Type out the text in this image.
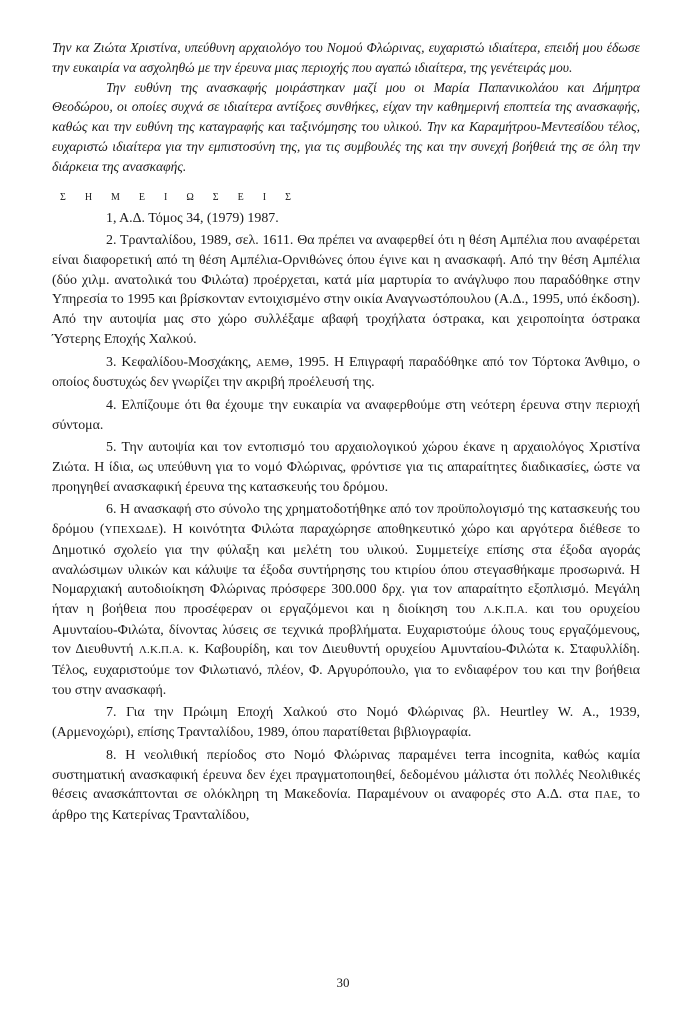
Την κα Ζιώτα Χριστίνα, υπεύθυνη αρχαιολόγο του Νομού Φλώρινας, ευχαριστώ ιδιαίτερα, επειδή μου έδωσε την ευκαιρία να ασχοληθώ με την έρευνα μιας περιοχής που αγαπώ ιδιαίτερα, της γενέτειράς μου.

Την ευθύνη της ανασκαφής μοιράστηκαν μαζί μου οι Μαρία Παπανικολάου και Δήμητρα Θεοδώρου, οι οποίες συχνά σε ιδιαίτερα αντίξοες συνθήκες, είχαν την καθημερινή εποπτεία της ανασκαφής, καθώς και την ευθύνη της καταγραφής και ταξινόμησης του υλικού. Την κα Καραμήτρου-Μεντεσίδου τέλος, ευχαριστώ ιδιαίτερα για την εμπιστοσύνη της, για τις συμβουλές της και την συνεχή βοήθειά της σε όλη την διάρκεια της ανασκαφής.

ΣΗΜΕΙΩΣΕΙΣ

1, Α.Δ. Τόμος 34, (1979) 1987.

2. Τρανταλίδου, 1989, σελ. 1611. Θα πρέπει να αναφερθεί ότι η θέση Αμπέλια που αναφέρεται είναι διαφορετική από τη θέση Αμπέλια-Ορνιθώνες όπου έγινε και η ανασκαφή. Από την θέση Αμπέλια (δύο χιλμ. ανατολικά του Φιλώτα) προέρχεται, κατά μία μαρτυρία το ανάγλυφο που παραδόθηκε στην Υπηρεσία το 1995 και βρίσκονταν εντοιχισμένο στην οικία Αναγνωστόπουλου (Α.Δ., 1995, υπό έκδοση). Από την αυτοψία μας στο χώρο συλλέξαμε αβαφή τροχήλατα όστρακα, και χειροποίητα όστρακα Ύστερης Εποχής Χαλκού.

3. Κεφαλίδου-Μοσχάκης, ΑΕΜΘ, 1995. Η Επιγραφή παραδόθηκε από τον Τόρτοκα Άνθιμο, ο οποίος δυστυχώς δεν γνωρίζει την ακριβή προέλευσή της.

4. Ελπίζουμε ότι θα έχουμε την ευκαιρία να αναφερθούμε στη νεότερη έρευνα στην περιοχή σύντομα.

5. Την αυτοψία και τον εντοπισμό του αρχαιολογικού χώρου έκανε η αρχαιολόγος Χριστίνα Ζιώτα. Η ίδια, ως υπεύθυνη για το νομό Φλώρινας, φρόντισε για τις απαραίτητες διαδικασίες, ώστε να προηγηθεί ανασκαφική έρευνα της κατασκευής του δρόμου.

6. Η ανασκαφή στο σύνολο της χρηματοδοτήθηκε από τον προϋπολογισμό της κατασκευής του δρόμου (ΥΠΕΧΩΔΕ). Η κοινότητα Φιλώτα παραχώρησε αποθηκευτικό χώρο και αργότερα διέθεσε το Δημοτικό σχολείο για την φύλαξη και μελέτη του υλικού. Συμμετείχε επίσης στα έξοδα αγοράς αναλώσιμων υλικών και κάλυψε τα έξοδα συντήρησης του κτιρίου όπου στεγασθήκαμε προσωρινά. Η Νομαρχιακή αυτοδιοίκηση Φλώρινας πρόσφερε 300.000 δρχ. για τον απαραίτητο εξοπλισμό. Μεγάλη ήταν η βοήθεια που προσέφεραν οι εργαζόμενοι και η διοίκηση του Λ.Κ.Π.Α. και του ορυχείου Αμυνταίου-Φιλώτα, δίνοντας λύσεις σε τεχνικά προβλήματα. Ευχαριστούμε όλους τους εργαζόμενους, τον Διευθυντή Λ.Κ.Π.Α. κ. Καβουρίδη, και τον Διευθυντή ορυχείου Αμυνταίου-Φιλώτα κ. Σταφυλλίδη. Τέλος, ευχαριστούμε τον Φιλωτιανό, πλέον, Φ. Αργυρόπουλο, για το ενδιαφέρον του και την βοήθεια του στην ανασκαφή.

7. Για την Πρώιμη Εποχή Χαλκού στο Νομό Φλώρινας βλ. Heurtley W. A., 1939, (Αρμενοχώρι), επίσης Τρανταλίδου, 1989, όπου παρατίθεται βιβλιογραφία.

8. Η νεολιθική περίοδος στο Νομό Φλώρινας παραμένει terra incognita, καθώς καμία συστηματική ανασκαφική έρευνα δεν έχει πραγματοποιηθεί, δεδομένου μάλιστα ότι πολλές Νεολιθικές θέσεις ανασκάπτονται σε ολόκληρη τη Μακεδονία. Παραμένουν οι αναφορές στο Α.Δ. στα ΠΑΕ, το άρθρο της Κατερίνας Τρανταλίδου,

30
